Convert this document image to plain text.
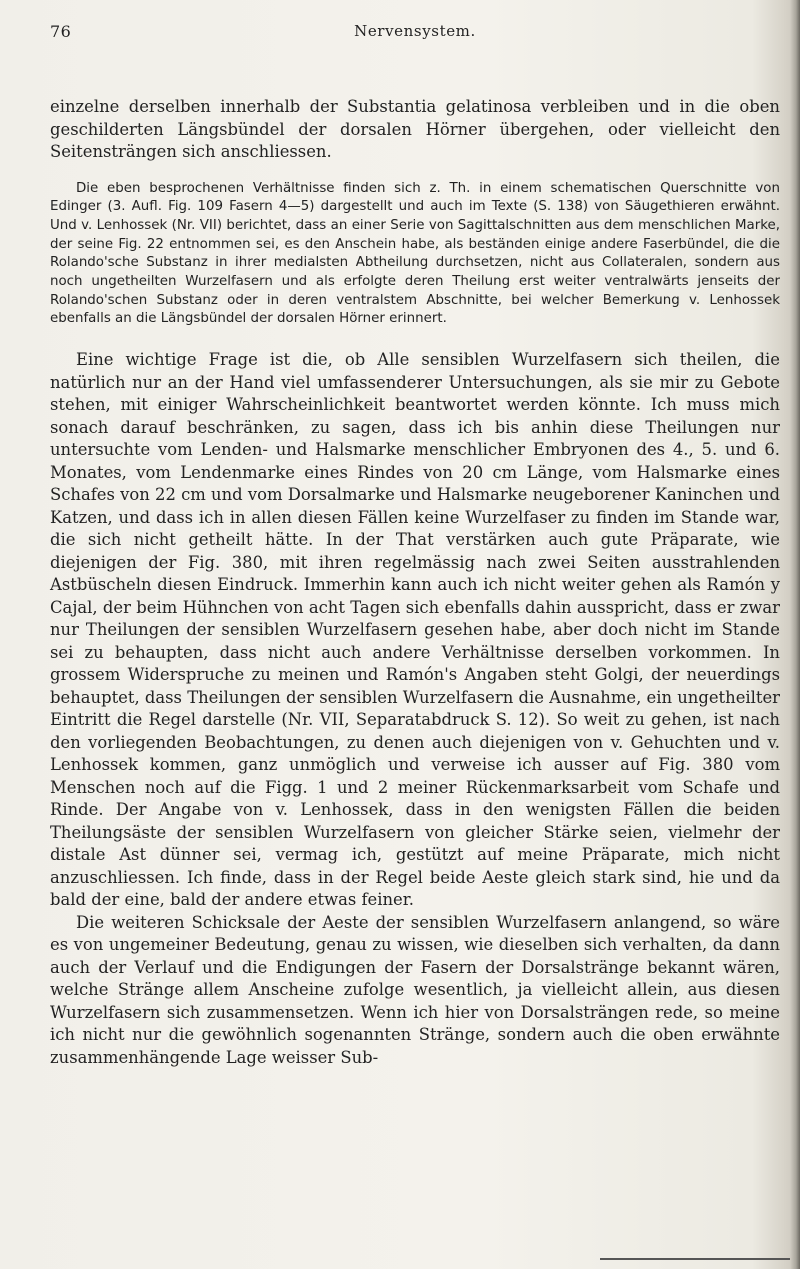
76	Nervensystem.

einzelne derselben innerhalb der Substantia gelatinosa verbleiben und in die oben geschilderten Längsbündel der dorsalen Hörner übergehen, oder vielleicht den Seitensträngen sich anschliessen.

Die eben besprochenen Verhältnisse finden sich z. Th. in einem schematischen Querschnitte von Edinger (3. Aufl. Fig. 109 Fasern 4—5) dargestellt und auch im Texte (S. 138) von Säugethieren erwähnt. Und v. Lenhossek (Nr. VII) berichtet, dass an einer Serie von Sagittalschnitten aus dem menschlichen Marke, der seine Fig. 22 entnommen sei, es den Anschein habe, als beständen einige andere Faserbündel, die die Rolando'sche Substanz in ihrer medialsten Abtheilung durchsetzen, nicht aus Collateralen, sondern aus noch ungetheilten Wurzelfasern und als erfolgte deren Theilung erst weiter ventralwärts jenseits der Rolando'schen Substanz oder in deren ventralstem Abschnitte, bei welcher Bemerkung v. Lenhossek ebenfalls an die Längsbündel der dorsalen Hörner erinnert.

Eine wichtige Frage ist die, ob Alle sensiblen Wurzelfasern sich theilen, die natürlich nur an der Hand viel umfassenderer Untersuchungen, als sie mir zu Gebote stehen, mit einiger Wahrscheinlichkeit beantwortet werden könnte. Ich muss mich sonach darauf beschränken, zu sagen, dass ich bis anhin diese Theilungen nur untersuchte vom Lenden- und Halsmarke menschlicher Embryonen des 4., 5. und 6. Monates, vom Lendenmarke eines Rindes von 20 cm Länge, vom Halsmarke eines Schafes von 22 cm und vom Dorsalmarke und Halsmarke neugeborener Kaninchen und Katzen, und dass ich in allen diesen Fällen keine Wurzelfaser zu finden im Stande war, die sich nicht getheilt hätte. In der That verstärken auch gute Präparate, wie diejenigen der Fig. 380, mit ihren regelmässig nach zwei Seiten ausstrahlenden Astbüscheln diesen Eindruck. Immerhin kann auch ich nicht weiter gehen als Ramón y Cajal, der beim Hühnchen von acht Tagen sich ebenfalls dahin ausspricht, dass er zwar nur Theilungen der sensiblen Wurzelfasern gesehen habe, aber doch nicht im Stande sei zu behaupten, dass nicht auch andere Verhältnisse derselben vorkommen. In grossem Widerspruche zu meinen und Ramón's Angaben steht Golgi, der neuerdings behauptet, dass Theilungen der sensiblen Wurzelfasern die Ausnahme, ein ungetheilter Eintritt die Regel darstelle (Nr. VII, Separatabdruck S. 12). So weit zu gehen, ist nach den vorliegenden Beobachtungen, zu denen auch diejenigen von v. Gehuchten und v. Lenhossek kommen, ganz unmöglich und verweise ich ausser auf Fig. 380 vom Menschen noch auf die Figg. 1 und 2 meiner Rückenmarksarbeit vom Schafe und Rinde. Der Angabe von v. Lenhossek, dass in den wenigsten Fällen die beiden Theilungsäste der sensiblen Wurzelfasern von gleicher Stärke seien, vielmehr der distale Ast dünner sei, vermag ich, gestützt auf meine Präparate, mich nicht anzuschliessen. Ich finde, dass in der Regel beide Aeste gleich stark sind, hie und da bald der eine, bald der andere etwas feiner.

Die weiteren Schicksale der Aeste der sensiblen Wurzelfasern anlangend, so wäre es von ungemeiner Bedeutung, genau zu wissen, wie dieselben sich verhalten, da dann auch der Verlauf und die Endigungen der Fasern der Dorsalstränge bekannt wären, welche Stränge allem Anscheine zufolge wesentlich, ja vielleicht allein, aus diesen Wurzelfasern sich zusammensetzen. Wenn ich hier von Dorsalsträngen rede, so meine ich nicht nur die gewöhnlich sogenannten Stränge, sondern auch die oben erwähnte zusammenhängende Lage weisser Sub-
